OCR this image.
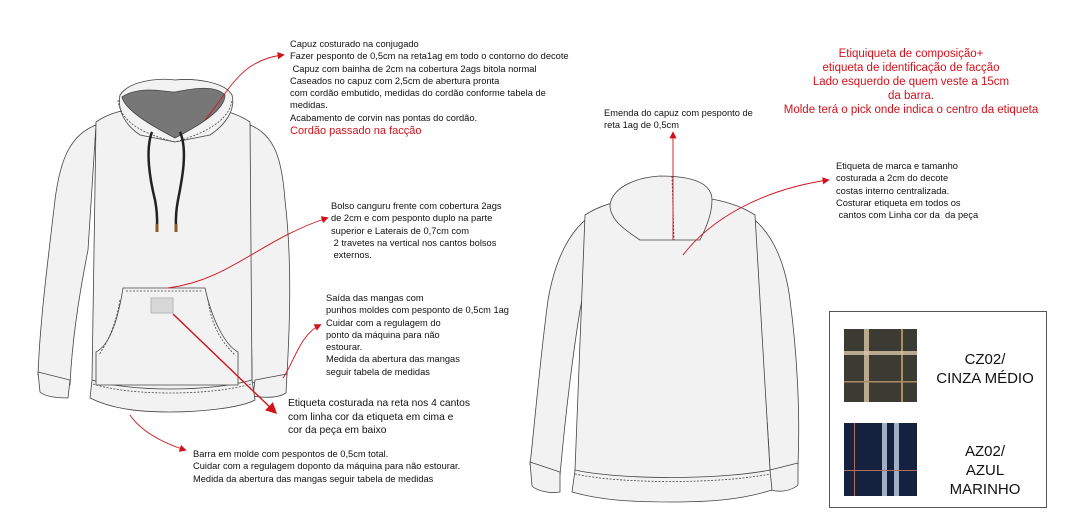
Capuz costurado na conjugado
Fazer pesponto de 0,5cm na reta1ag em todo o contorno do decote
Capuz com bainha de 2cm na cobertura 2ags bitola normal
Caseados no capuz com 2,5cm de abertura pronta
com cordão embutido, medidas do cordão conforme tabela de
medidas.
Acabamento de corvin nas pontas do cordão.
Cordão passado na facção
Bolso canguru frente com cobertura 2ags
de 2cm e com pesponto duplo na parte
superior e Laterais de 0,7cm com
2 travetes na vertical nos cantos bolsos
externos.
Saída das mangas com
punhos moldes com pesponto de 0,5cm 1ag
Cuidar com a regulagem do
ponto da máquina para não
estourar.
Medida da abertura das mangas
seguir tabela de medidas
Etiqueta costurada na reta nos 4 cantos
com linha cor da etiqueta em cima e
cor da peça em baixo
Barra em molde com pespontos de 0,5cm total.
Cuidar com a regulagem doponto da máquina para não estourar.
Medida da abertura das mangas seguir tabela de medidas
Emenda do capuz com pesponto de
reta 1ag de 0,5cm
Etiquiqueta de composição+
etiqueta de identificação de facção
Lado esquerdo de quem veste a 15cm
da barra.
Molde terá o pick onde indica o centro da etiqueta
Etiqueta de marca e tamanho
costurada a 2cm do decote
costas interno centralizada.
Costurar etiqueta em todos os
cantos com Linha cor da  da peça
CZ02/
CINZA MÉDIO
AZ02/
AZUL MARINHO
